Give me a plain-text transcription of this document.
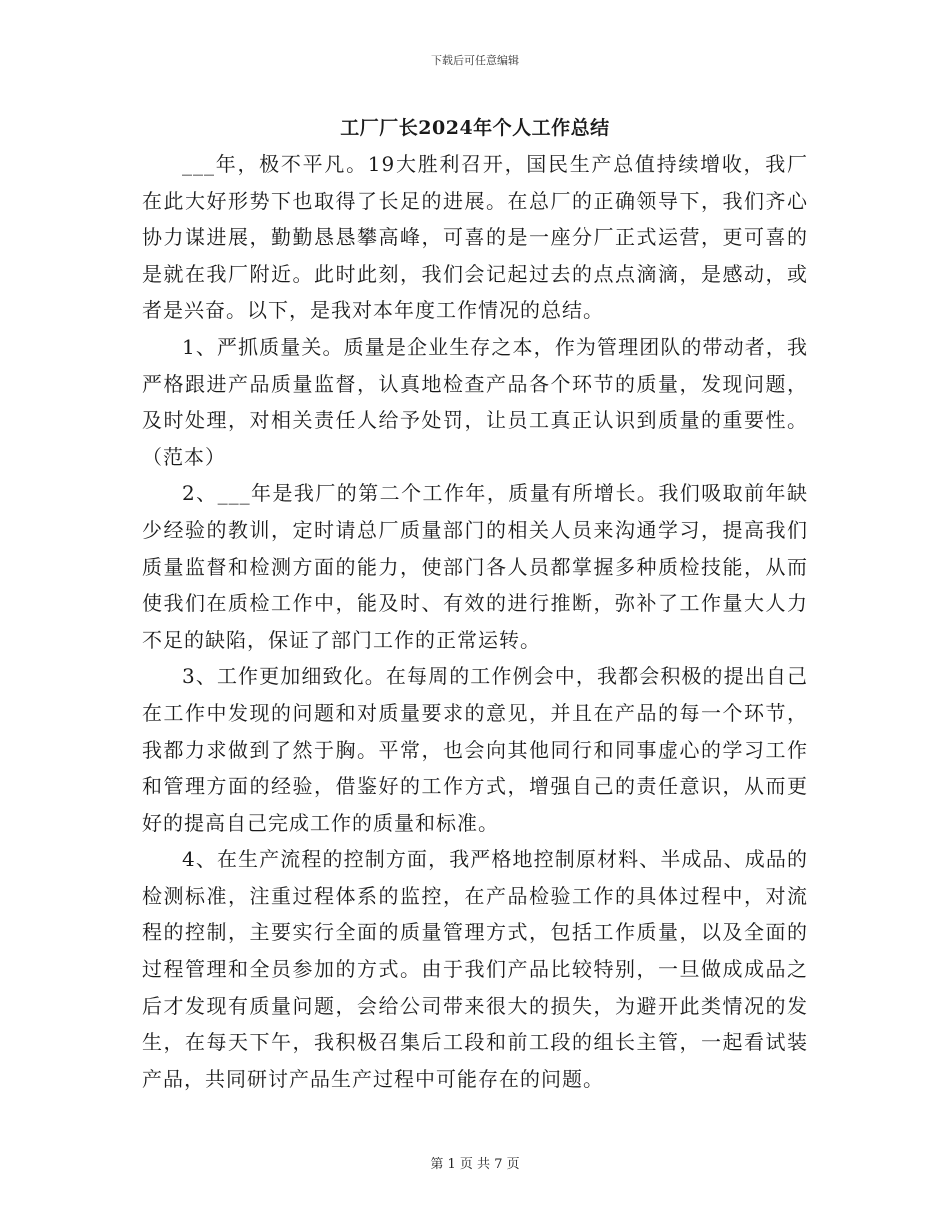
下载后可任意编辑
工厂厂长2024年个人工作总结

___年，极不平凡。19大胜利召开，国民生产总值持续增收，我厂在此大好形势下也取得了长足的进展。在总厂的正确领导下，我们齐心协力谋进展，勤勤恳恳攀高峰，可喜的是一座分厂正式运营，更可喜的是就在我厂附近。此时此刻，我们会记起过去的点点滴滴，是感动，或者是兴奋。以下，是我对本年度工作情况的总结。

1、严抓质量关。质量是企业生存之本，作为管理团队的带动者，我严格跟进产品质量监督，认真地检查产品各个环节的质量，发现问题，及时处理，对相关责任人给予处罚，让员工真正认识到质量的重要性。（范本）

2、___年是我厂的第二个工作年，质量有所增长。我们吸取前年缺少经验的教训，定时请总厂质量部门的相关人员来沟通学习，提高我们质量监督和检测方面的能力，使部门各人员都掌握多种质检技能，从而使我们在质检工作中，能及时、有效的进行推断，弥补了工作量大人力不足的缺陷，保证了部门工作的正常运转。

3、工作更加细致化。在每周的工作例会中，我都会积极的提出自己在工作中发现的问题和对质量要求的意见，并且在产品的每一个环节，我都力求做到了然于胸。平常，也会向其他同行和同事虚心的学习工作和管理方面的经验，借鉴好的工作方式，增强自己的责任意识，从而更好的提高自己完成工作的质量和标准。

4、在生产流程的控制方面，我严格地控制原材料、半成品、成品的检测标准，注重过程体系的监控，在产品检验工作的具体过程中，对流程的控制，主要实行全面的质量管理方式，包括工作质量，以及全面的过程管理和全员参加的方式。由于我们产品比较特别，一旦做成成品之后才发现有质量问题，会给公司带来很大的损失，为避开此类情况的发生，在每天下午，我积极召集后工段和前工段的组长主管，一起看试装产品，共同研讨产品生产过程中可能存在的问题。

第 1 页 共 7 页
